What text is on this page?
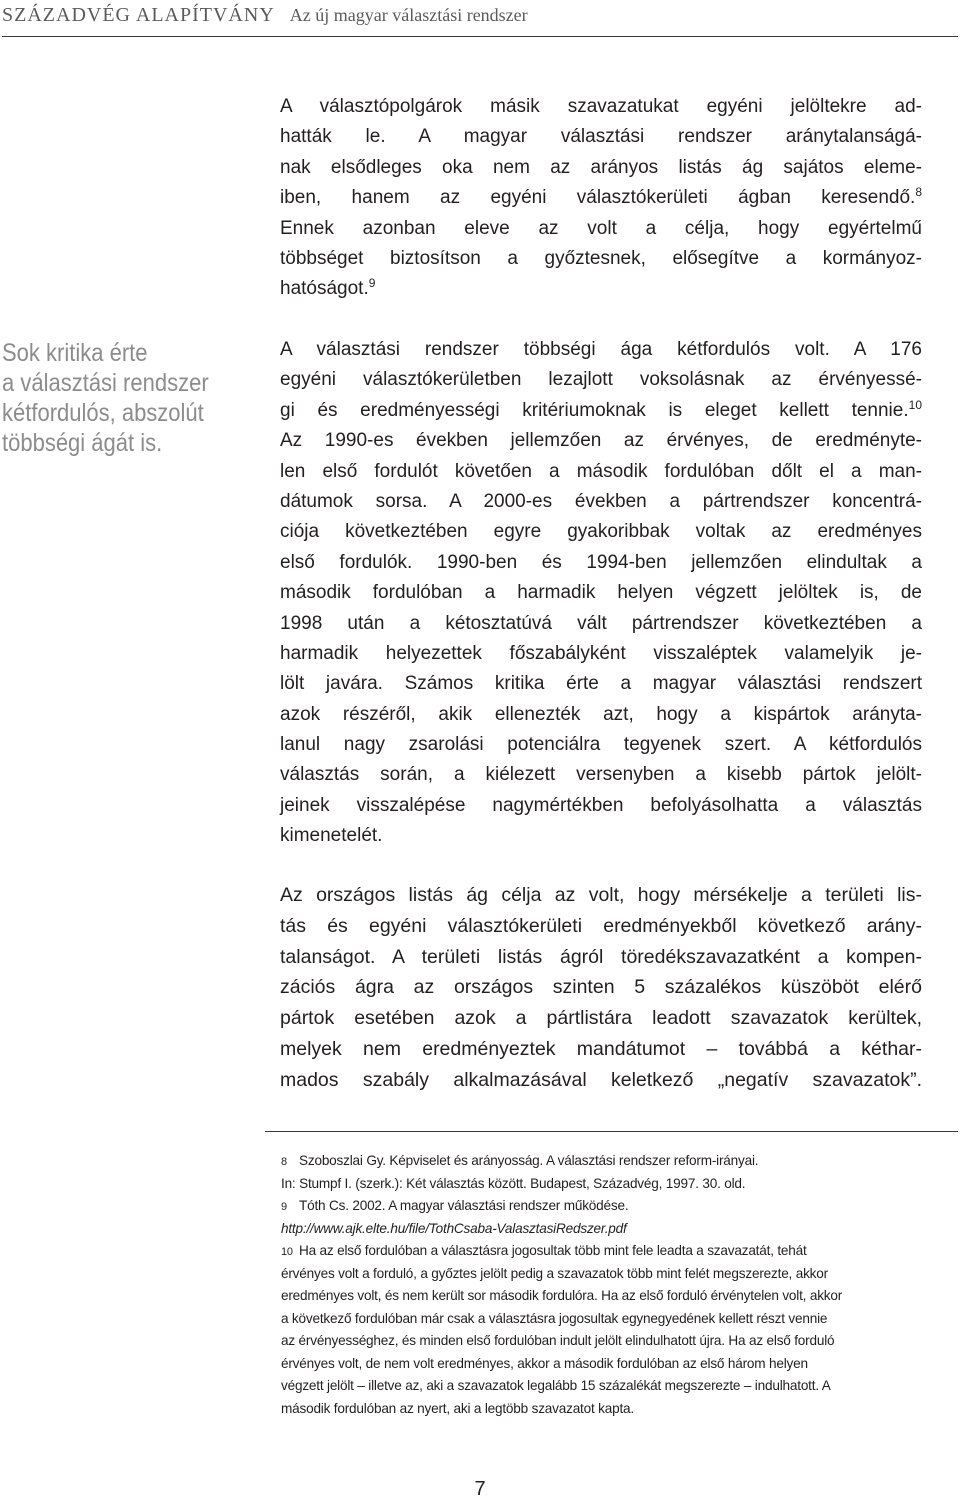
SZÁZADVÉG ALAPÍTVÁNY Az új magyar választási rendszer
Sok kritika érte
a választási rendszer
kétfordulós, abszolút
többségi ágát is.
A választópolgárok másik szavazatukat egyéni jelöltekre ad-
hatták le. A magyar választási rendszer aránytalanságá-
nak elsődleges oka nem az arányos listás ág sajátos eleme-
iben, hanem az egyéni választókerületi ágban keresendő.$^8$
Ennek azonban eleve az volt a célja, hogy egyértelmű
többséget biztosítson a győztesnek, elősegítve a kormányoz-
hatóságot.$^9$
A választási rendszer többségi ága kétfordulós volt. A 176
egyéni választókerületben lezajlott voksolásnak az érvényessé-
gi és eredményességi kritériumoknak is eleget kellett tennie.$^{10}$
Az 1990-es években jellemzően az érvényes, de eredményte-
len első fordulót követően a második fordulóban dőlt el a man-
dátumok sorsa. A 2000-es években a pártrendszer koncentrá-
ciója következtében egyre gyakoribbak voltak az eredményes
első fordulók. 1990-ben és 1994-ben jellemzően elindultak a
második fordulóban a harmadik helyen végzett jelöltek is, de
1998 után a kétosztatúvá vált pártrendszer következtében a
harmadik helyezettek főszabályként visszaléptek valamelyik je-
lölt javára. Számos kritika érte a magyar választási rendszert
azok részéről, akik ellenezték azt, hogy a kispártok arányta-
lanul nagy zsarolási potenciálra tegyenek szert. A kétfordulós
választás során, a kiélezett versenyben a kisebb pártok jelölt-
jeinek visszalépése nagymértékben befolyásolhatta a választás
kimenetelét.
Az országos listás ág célja az volt, hogy mérsékelje a területi lis-
tás és egyéni választókerületi eredményekből következő arány-
talanságot. A területi listás ágról töredékszavazatként a kompen-
zációs ágra az országos szinten 5 százalékos küszöböt elérő
pártok esetében azok a pártlistára leadott szavazatok kerültek,
melyek nem eredményeztek mandátumot – továbbá a kéthar-
mados szabály alkalmazásával keletkező „negatív szavazatok”.
8 Szoboszlai Gy. Képviselet és arányosság. A választási rendszer reform-irányai.
In: Stumpf I. (szerk.): Két választás között. Budapest, Századvég, 1997. 30. old.
9 Tóth Cs. 2002. A magyar választási rendszer működése.
http://www.ajk.elte.hu/file/TothCsaba-ValasztasiRedszer.pdf
10 Ha az első fordulóban a választásra jogosultak több mint fele leadta a szavazatát, tehát
érvényes volt a forduló, a győztes jelölt pedig a szavazatok több mint felét megszerezte, akkor
eredményes volt, és nem került sor második fordulóra. Ha az első forduló érvénytelen volt, akkor
a következő fordulóban már csak a választásra jogosultak egynegyedének kellett részt vennie
az érvényességhez, és minden első fordulóban indult jelölt elindulhatott újra. Ha az első forduló
érvényes volt, de nem volt eredményes, akkor a második fordulóban az első három helyen
végzett jelölt – illetve az, aki a szavazatok legalább 15 százalékát megszerezte – indulhatott. A
második fordulóban az nyert, aki a legtöbb szavazatot kapta.
7
